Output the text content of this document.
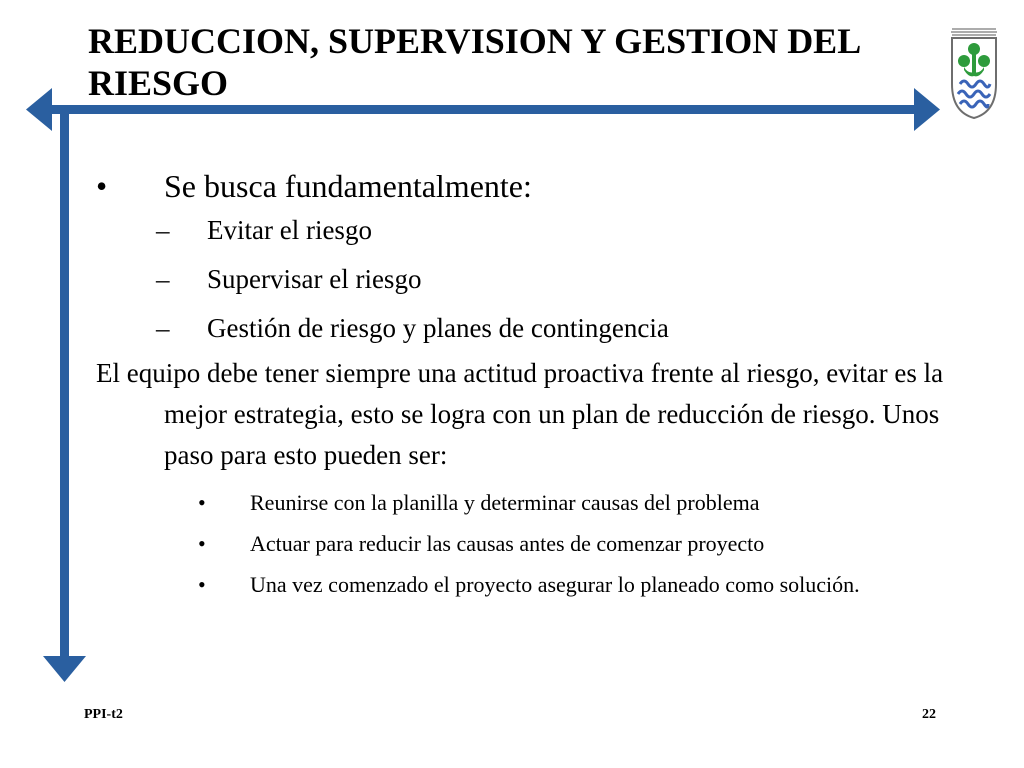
REDUCCION, SUPERVISION Y GESTION DEL RIESGO
• Se busca fundamentalmente:
– Evitar el riesgo
– Supervisar el riesgo
– Gestión de riesgo y planes de contingencia
El equipo debe tener siempre una actitud proactiva frente al riesgo, evitar es la mejor estrategia, esto se logra con un plan de reducción de riesgo. Unos paso para esto pueden ser:
• Reunirse con la planilla y determinar causas del problema
• Actuar para reducir las causas antes de comenzar proyecto
• Una vez comenzado el proyecto asegurar lo planeado como solución.
PPI-t2	22
